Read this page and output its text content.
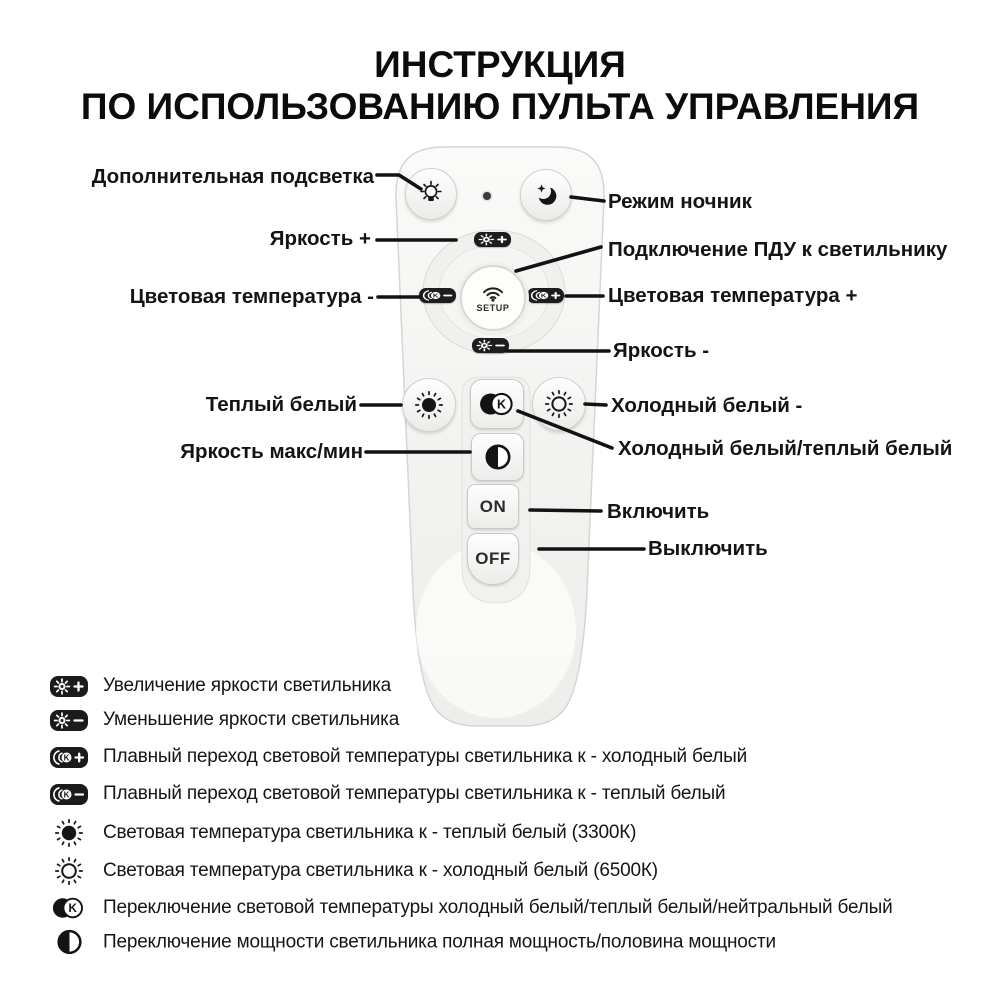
ИНСТРУКЦИЯ
ПО ИСПОЛЬЗОВАНИЮ ПУЛЬТА УПРАВЛЕНИЯ
K	K
SETUP
K
ON
OFF
Дополнительная подсветка
Яркость +
Цветовая температура -
Теплый белый
Яркость макс/мин
Режим ночник
Подключение ПДУ к светильнику
Цветовая температура +
Яркость -
Холодный белый -
Холодный белый/теплый белый
Включить
Выключить
Увеличение яркости светильника
Уменьшение яркости светильника
K Плавный переход световой температуры светильника к - холодный белый
K Плавный переход световой температуры светильника к - теплый белый
Световая температура светильника к - теплый белый (3300К)
Световая температура светильника к - холодный белый (6500К)
K Переключение световой температуры холодный белый/теплый белый/нейтральный белый
Переключение мощности светильника полная мощность/половина мощности
